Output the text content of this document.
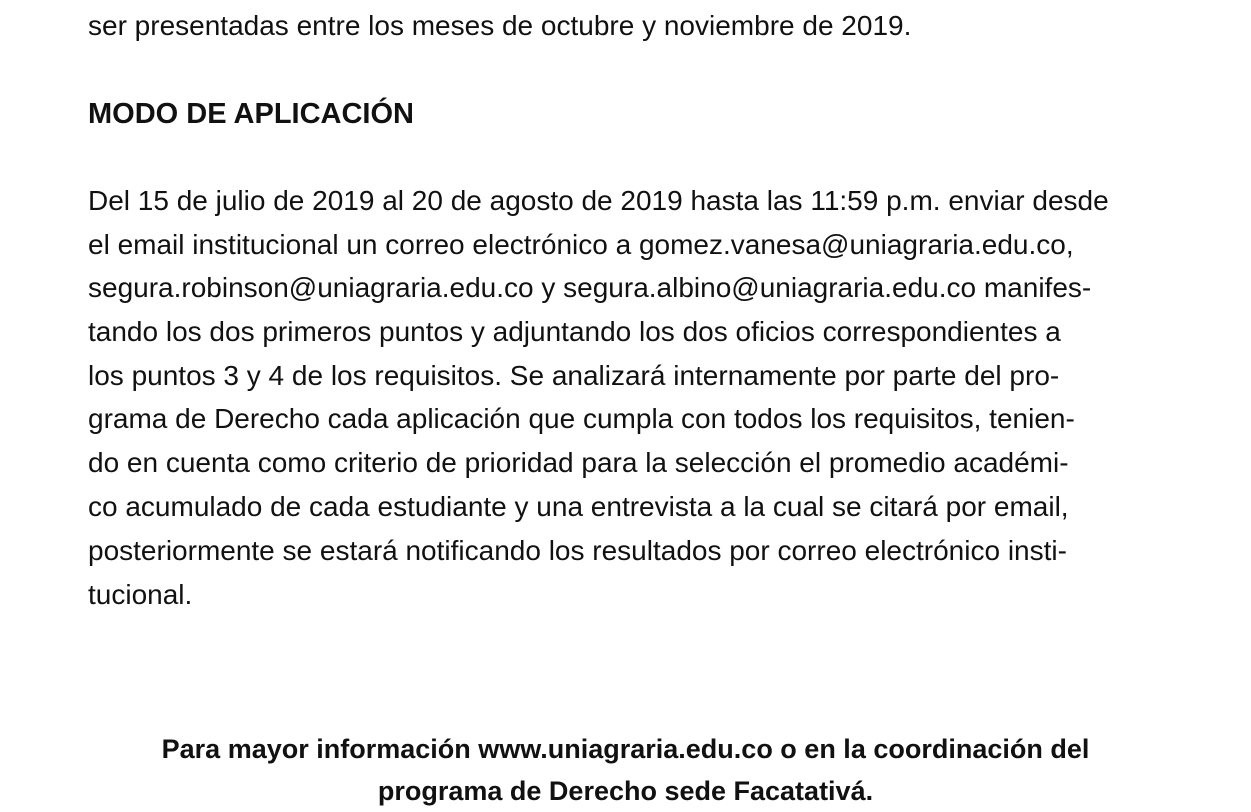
ser presentadas entre los meses de octubre y noviembre de 2019.
MODO DE APLICACIÓN
Del 15 de julio de 2019 al 20 de agosto de 2019 hasta las 11:59 p.m. enviar desde
el email institucional un correo electrónico a gomez.vanesa@uniagraria.edu.co,
segura.robinson@uniagraria.edu.co y segura.albino@uniagraria.edu.co manifes-
tando los dos primeros puntos y adjuntando los dos oficios correspondientes a
los puntos 3 y 4 de los requisitos. Se analizará internamente por parte del pro-
grama de Derecho cada aplicación que cumpla con todos los requisitos, tenien-
do en cuenta como criterio de prioridad para la selección el promedio académi-
co acumulado de cada estudiante y una entrevista a la cual se citará por email,
posteriormente se estará notificando los resultados por correo electrónico insti-
tucional.
Para mayor información www.uniagraria.edu.co o en la coordinación del
programa de Derecho sede Facatativá.
